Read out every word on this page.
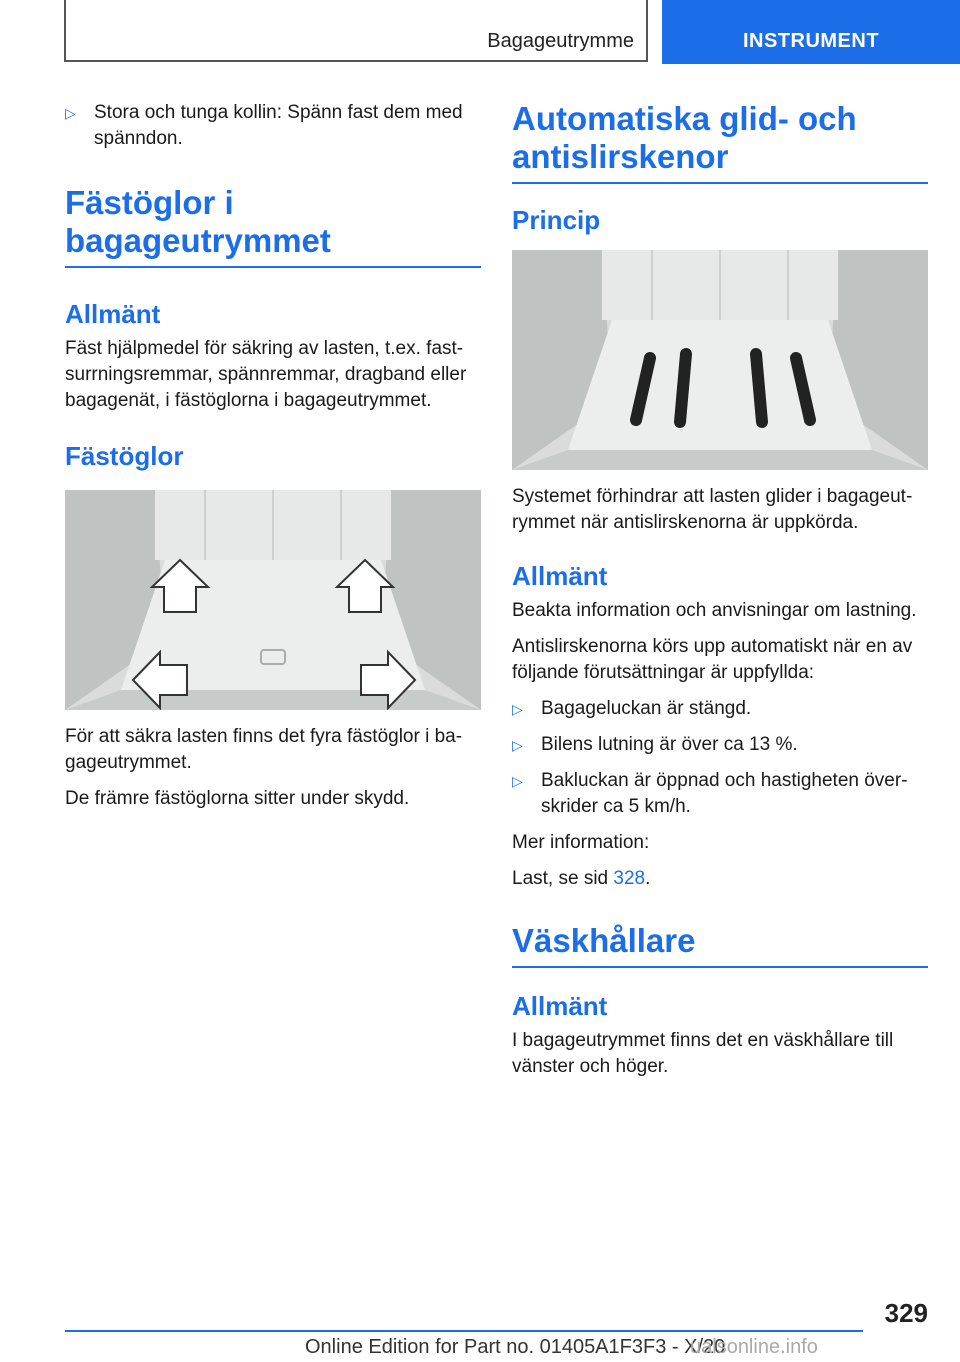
Bagageutrymme	INSTRUMENT
▷ Stora och tunga kollin: Spänn fast dem med spänndon.
Fästöglor i bagageutrymmet
Allmänt

Fäst hjälpmedel för säkring av lasten, t.ex. fast-surrningsremmar, spännremmar, dragband eller bagagenät, i fästöglorna i bagageutrymmet.

Fästöglor

För att säkra lasten finns det fyra fästöglor i ba-gageutrymmet.

De främre fästöglorna sitter under skydd.

Automatiska glid- och antislirskenor
Princip

Systemet förhindrar att lasten glider i bagageut-rymmet när antislirskenorna är uppkörda.

Allmänt

Beakta information och anvisningar om lastning.

Antislirskenorna körs upp automatiskt när en av följande förutsättningar är uppfyllda:

▷ Bagageluckan är stängd.
▷ Bilens lutning är över ca 13 %.
▷ Bakluckan är öppnad och hastigheten över-skrider ca 5 km/h.

Mer information:

Last, se sid 328.

Väskhållare
Allmänt

I bagageutrymmet finns det en väskhållare till vänster och höger.

329
Online Edition for Part no. 01405A1F3F3 - X/20
ualsonline.info
